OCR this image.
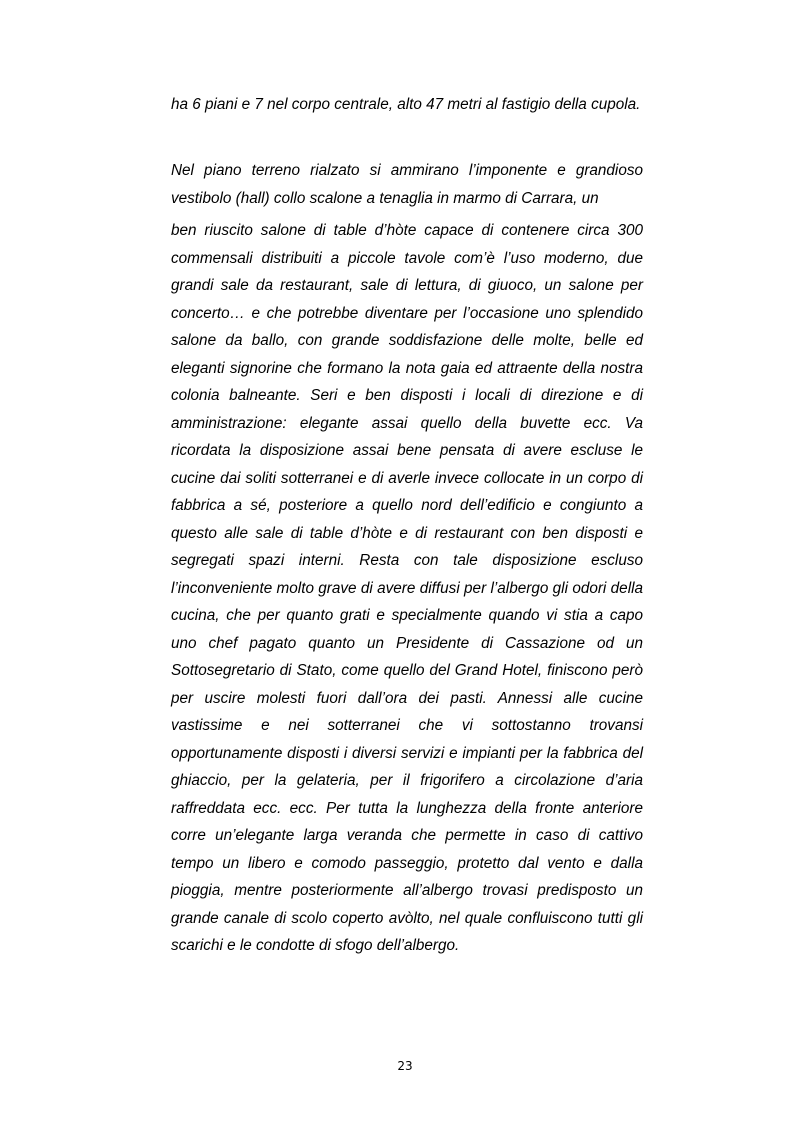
ha 6 piani e 7 nel corpo centrale, alto 47 metri al fastigio della cupola.

Nel piano terreno rialzato si ammirano l’imponente e grandioso vestibolo (hall) collo scalone a tenaglia in marmo di Carrara, un

ben riuscito salone di table d’hòte capace di contenere circa 300 commensali distribuiti a piccole tavole com’è l’uso moderno, due grandi sale da restaurant, sale di lettura, di giuoco, un salone per concerto… e che potrebbe diventare per l’occasione uno splendido salone da ballo, con grande soddisfazione delle molte, belle ed eleganti signorine che formano la nota gaia ed attraente della nostra colonia balneante. Seri e ben disposti i locali di direzione e di amministrazione: elegante assai quello della buvette ecc. Va ricordata la disposizione assai bene pensata di avere escluse le cucine dai soliti sotterranei e di averle invece collocate in un corpo di fabbrica a sé, posteriore a quello nord dell’edificio e congiunto a questo alle sale di table d’hòte e di restaurant con ben disposti e segregati spazi interni. Resta con tale disposizione escluso l’inconveniente molto grave di avere diffusi per l’albergo gli odori della cucina, che per quanto grati e specialmente quando vi stia a capo uno chef pagato quanto un Presidente di Cassazione od un Sottosegretario di Stato, come quello del Grand Hotel, finiscono però per uscire molesti fuori dall’ora dei pasti. Annessi alle cucine vastissime e nei sotterranei che vi sottostanno trovansi opportunamente disposti i diversi servizi e impianti per la fabbrica del ghiaccio, per la gelateria, per il frigorifero a circolazione d’aria raffreddata ecc. ecc. Per tutta la lunghezza della fronte anteriore corre un’elegante larga veranda che permette in caso di cattivo tempo un libero e comodo passeggio, protetto dal vento e dalla pioggia, mentre posteriormente all’albergo trovasi predisposto un grande canale di scolo coperto avòlto, nel quale confluiscono tutti gli scarichi e le condotte di sfogo dell’albergo.

23
